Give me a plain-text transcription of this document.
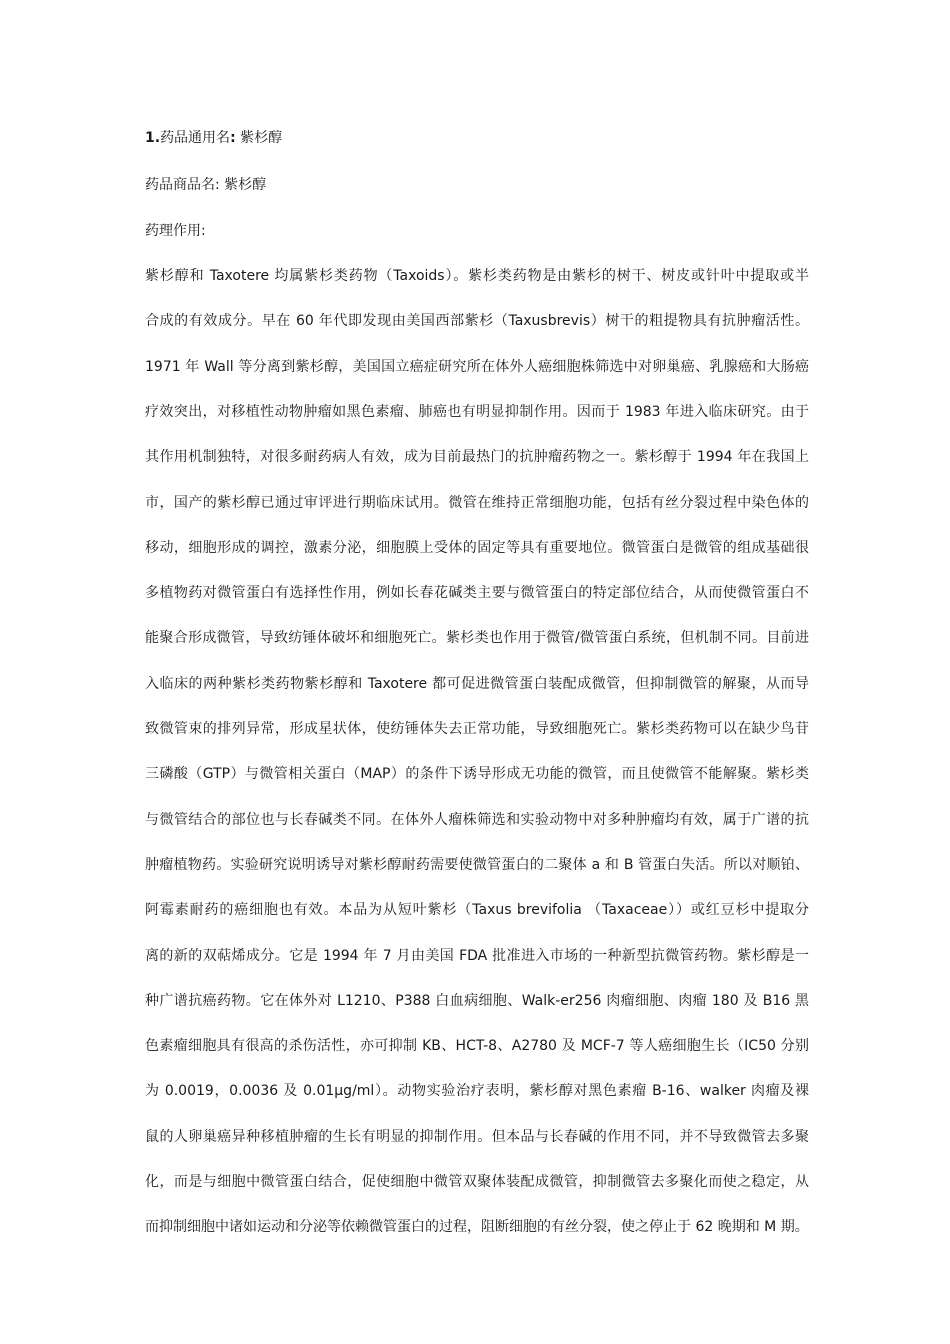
1.药品通用名: 紫杉醇
药品商品名: 紫杉醇
药理作用:
紫杉醇和 Taxotere 均属紫杉类药物（Taxoids）。紫杉类药物是由紫杉的树干、树皮或针叶中提取或半
合成的有效成分。早在 60 年代即发现由美国西部紫杉（Taxusbrevis）树干的粗提物具有抗肿瘤活性。
1971 年 Wall 等分离到紫杉醇，美国国立癌症研究所在体外人癌细胞株筛选中对卵巢癌、乳腺癌和大肠癌
疗效突出，对移植性动物肿瘤如黑色素瘤、肺癌也有明显抑制作用。因而于 1983 年进入临床研究。由于
其作用机制独特，对很多耐药病人有效，成为目前最热门的抗肿瘤药物之一。紫杉醇于 1994 年在我国上
市，国产的紫杉醇已通过审评进行期临床试用。微管在维持正常细胞功能，包括有丝分裂过程中染色体的
移动，细胞形成的调控，激素分泌，细胞膜上受体的固定等具有重要地位。微管蛋白是微管的组成基础很
多植物药对微管蛋白有选择性作用，例如长春花碱类主要与微管蛋白的特定部位结合，从而使微管蛋白不
能聚合形成微管，导致纺锤体破坏和细胞死亡。紫杉类也作用于微管/微管蛋白系统，但机制不同。目前进
入临床的两种紫杉类药物紫杉醇和 Taxotere 都可促进微管蛋白装配成微管，但抑制微管的解聚，从而导
致微管束的排列异常，形成星状体，使纺锤体失去正常功能，导致细胞死亡。紫杉类药物可以在缺少鸟苷
三磷酸（GTP）与微管相关蛋白（MAP）的条件下诱导形成无功能的微管，而且使微管不能解聚。紫杉类
与微管结合的部位也与长春碱类不同。在体外人瘤株筛选和实验动物中对多种肿瘤均有效，属于广谱的抗
肿瘤植物药。实验研究说明诱导对紫杉醇耐药需要使微管蛋白的二聚体 a 和 B 管蛋白失活。所以对顺铂、
阿霉素耐药的癌细胞也有效。本品为从短叶紫杉（Taxus brevifolia （Taxaceae））或红豆杉中提取分
离的新的双萜烯成分。它是 1994 年 7 月由美国 FDA 批准进入市场的一种新型抗微管药物。紫杉醇是一
种广谱抗癌药物。它在体外对 L1210、P388 白血病细胞、Walk-er256 肉瘤细胞、肉瘤 180 及 B16 黑
色素瘤细胞具有很高的杀伤活性，亦可抑制 KB、HCT-8、A2780 及 MCF-7 等人癌细胞生长（IC50 分别
为 0.0019，0.0036 及 0.01μg/ml）。动物实验治疗表明，紫杉醇对黑色素瘤 B-16、walker 肉瘤及裸
鼠的人卵巢癌异种移植肿瘤的生长有明显的抑制作用。但本品与长春碱的作用不同，并不导致微管去多聚
化，而是与细胞中微管蛋白结合，促使细胞中微管双聚体装配成微管，抑制微管去多聚化而使之稳定，从
而抑制细胞中诸如运动和分泌等依赖微管蛋白的过程，阻断细胞的有丝分裂，使之停止于 62 晚期和 M 期。
